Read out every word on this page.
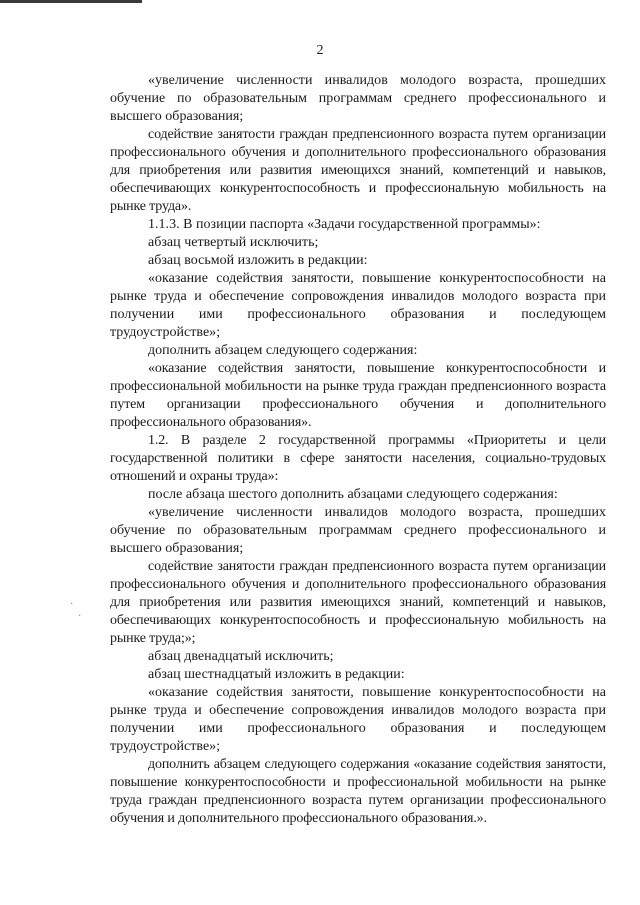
2
·
·

«увеличение численности инвалидов молодого возраста, прошедших обучение по образовательным программам среднего профессионального и высшего образования;

содействие занятости граждан предпенсионного возраста путем организации профессионального обучения и дополнительного профессионального образования для приобретения или развития имеющихся знаний, компетенций и навыков, обеспечивающих конкурентоспособность и профессиональную мобильность на рынке труда».

1.1.3. В позиции паспорта «Задачи государственной программы»:

абзац четвертый исключить;

абзац восьмой изложить в редакции:

«оказание содействия занятости, повышение конкурентоспособности на рынке труда и обеспечение сопровождения инвалидов молодого возраста при получении ими профессионального образования и последующем трудоустройстве»;

дополнить абзацем следующего содержания:

«оказание содействия занятости, повышение конкурентоспособности и профессиональной мобильности на рынке труда граждан предпенсионного возраста путем организации профессионального обучения и дополнительного профессионального образования».

1.2. В разделе 2 государственной программы «Приоритеты и цели государственной политики в сфере занятости населения, социально-трудовых отношений и охраны труда»:

после абзаца шестого дополнить абзацами следующего содержания:

«увеличение численности инвалидов молодого возраста, прошедших обучение по образовательным программам среднего профессионального и высшего образования;

содействие занятости граждан предпенсионного возраста путем организации профессионального обучения и дополнительного профессионального образования для приобретения или развития имеющихся знаний, компетенций и навыков, обеспечивающих конкурентоспособность и профессиональную мобильность на рынке труда;»;

абзац двенадцатый исключить;

абзац шестнадцатый изложить в редакции:

«оказание содействия занятости, повышение конкурентоспособности на рынке труда и обеспечение сопровождения инвалидов молодого возраста при получении ими профессионального образования и последующем трудоустройстве»;

дополнить абзацем следующего содержания «оказание содействия занятости, повышение конкурентоспособности и профессиональной мобильности на рынке труда граждан предпенсионного возраста путем организации профессионального обучения и дополнительного профессионального образования.».
